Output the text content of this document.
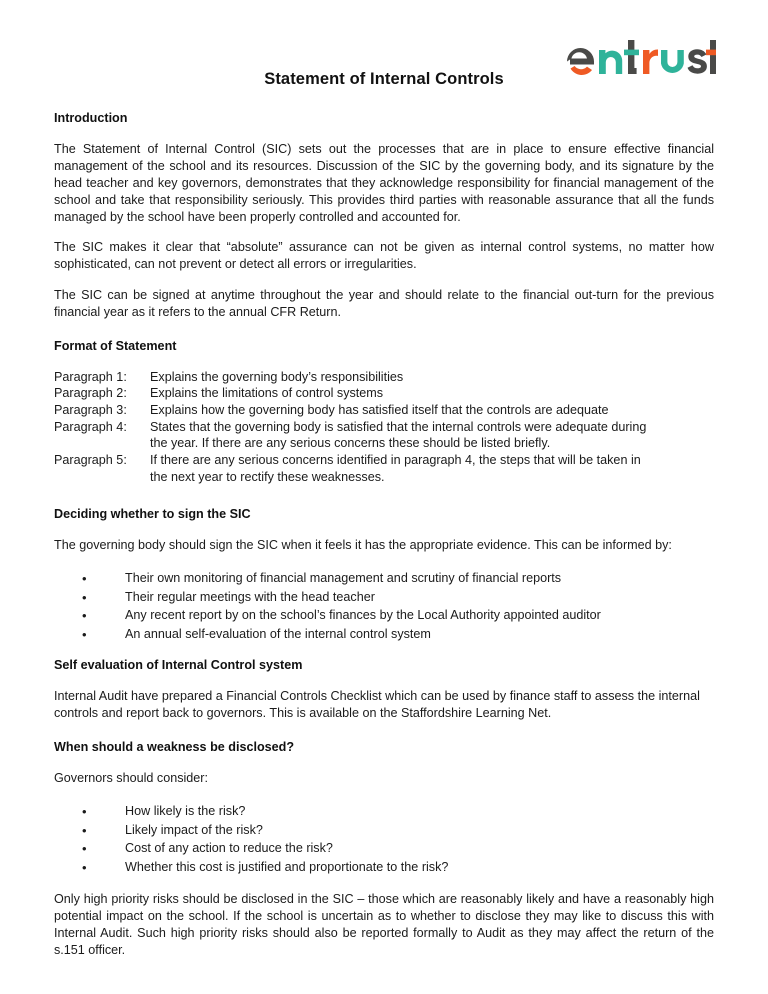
Statement of Internal Controls
Introduction

The Statement of Internal Control (SIC) sets out the processes that are in place to ensure effective financial management of the school and its resources. Discussion of the SIC by the governing body, and its signature by the head teacher and key governors, demonstrates that they acknowledge responsibility for financial management of the school and take that responsibility seriously. This provides third parties with reasonable assurance that all the funds managed by the school have been properly controlled and accounted for.

The SIC makes it clear that “absolute” assurance can not be given as internal control systems, no matter how sophisticated, can not prevent or detect all errors or irregularities.

The SIC can be signed at anytime throughout the year and should relate to the financial out-turn for the previous financial year as it refers to the annual CFR Return.

Format of Statement
Paragraph 1:	Explains the governing body’s responsibilities
Paragraph 2:	Explains the limitations of control systems
Paragraph 3:	Explains how the governing body has satisfied itself that the controls are adequate
Paragraph 4:	States that the governing body is satisfied that the internal controls were adequate during
the year. If there are any serious concerns these should be listed briefly.
Paragraph 5:	If there are any serious concerns identified in paragraph 4, the steps that will be taken in
the next year to rectify these weaknesses.
Deciding whether to sign the SIC

The governing body should sign the SIC when it feels it has the appropriate evidence. This can be informed by:

•	Their own monitoring of financial management and scrutiny of financial reports
•	Their regular meetings with the head teacher
•	Any recent report by on the school’s finances by the Local Authority appointed auditor
•	An annual self-evaluation of the internal control system
Self evaluation of Internal Control system

Internal Audit have prepared a Financial Controls Checklist which can be used by finance staff to assess the internal controls and report back to governors. This is available on the Staffordshire Learning Net.

When should a weakness be disclosed?

Governors should consider:

•	How likely is the risk?
•	Likely impact of the risk?
•	Cost of any action to reduce the risk?
•	Whether this cost is justified and proportionate to the risk?

Only high priority risks should be disclosed in the SIC – those which are reasonably likely and have a reasonably high potential impact on the school. If the school is uncertain as to whether to disclose they may like to discuss this with Internal Audit. Such high priority risks should also be reported formally to Audit as they may affect the return of the s.151 officer.
